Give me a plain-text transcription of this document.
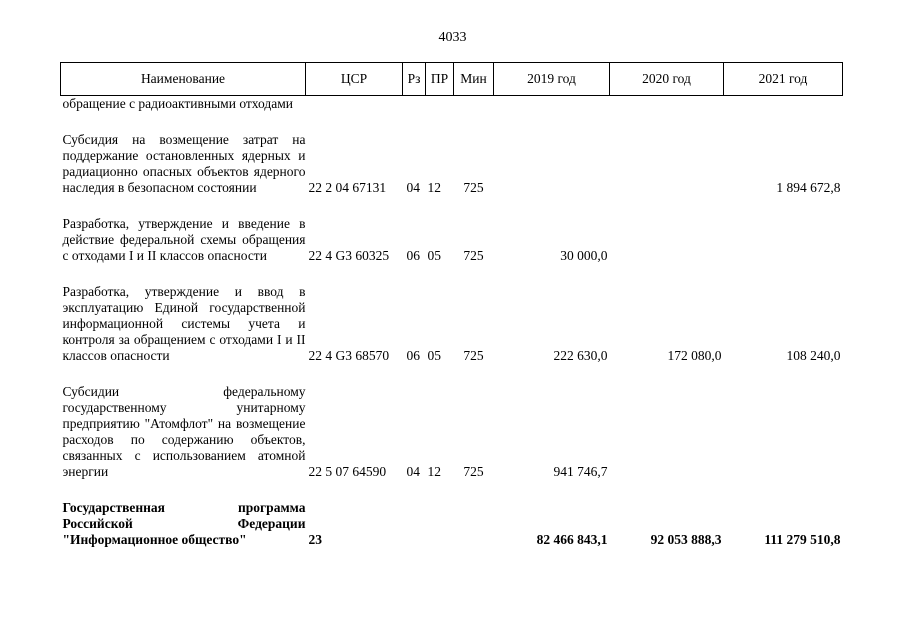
4033
Наименование	ЦСР	Рз	ПР	Мин	2019 год	2020 год	2021 год
обращение с радиоактивными отходами							

Субсидия на возмещение затрат на поддержание остановленных ядерных и радиационно опасных объектов ядерного наследия в безопасном состоянии	22 2 04 67131	04	12	725			1 894 672,8

Разработка, утверждение и введение в действие федеральной схемы обращения с отходами I и II классов опасности	22 4 G3 60325	06	05	725	30 000,0		

Разработка, утверждение и ввод в эксплуатацию Единой государственной информационной системы учета и контроля за обращением с отходами I и II классов опасности	22 4 G3 68570	06	05	725	222 630,0	172 080,0	108 240,0

Субсидии федеральному государственному унитарному предприятию "Атомфлот" на возмещение расходов по содержанию объектов, связанных с использованием атомной энергии	22 5 07 64590	04	12	725	941 746,7		

Государственная программа Российской Федерации "Информационное общество"	23				82 466 843,1	92 053 888,3	111 279 510,8
